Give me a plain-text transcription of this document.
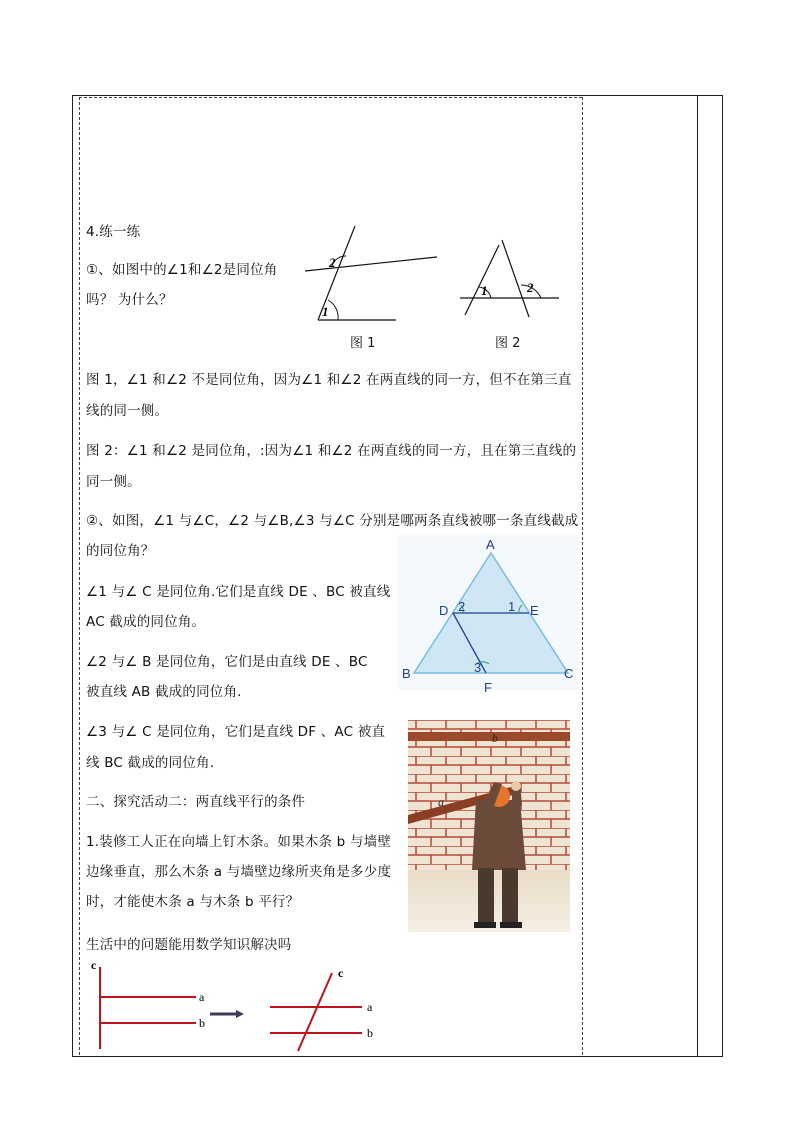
4.练一练
①、如图中的∠1和∠2是同位角
吗？ 为什么？
2
1
图 1
1	2
图 2
图 1，∠1 和∠2 不是同位角，因为∠1 和∠2 在两直线的同一方，但不在第三直
线的同一侧。
图 2：∠1 和∠2 是同位角，:因为∠1 和∠2 在两直线的同一方，且在第三直线的
同一侧。
②、如图，∠1 与∠C，∠2 与∠B,∠3 与∠C 分别是哪两条直线被哪一条直线截成
的同位角？	A
D	E
B	C
F
2	1
3
∠1 与∠ C 是同位角.它们是直线 DE 、BC 被直线
AC 截成的同位角。
∠2 与∠ B 是同位角，它们是由直线 DE 、BC
被直线 AB 截成的同位角.
∠3 与∠ C 是同位角，它们是直线 DF 、AC 被直
线 BC 截成的同位角.
二、探究活动二：两直线平行的条件
1.装修工人正在向墙上钉木条。如果木条 b 与墙壁
边缘垂直，那么木条 a 与墙壁边缘所夹角是多少度
时，才能使木条 a 与木条 b 平行？
b
a
生活中的问题能用数学知识解决吗
c
a
b
c
a
b
